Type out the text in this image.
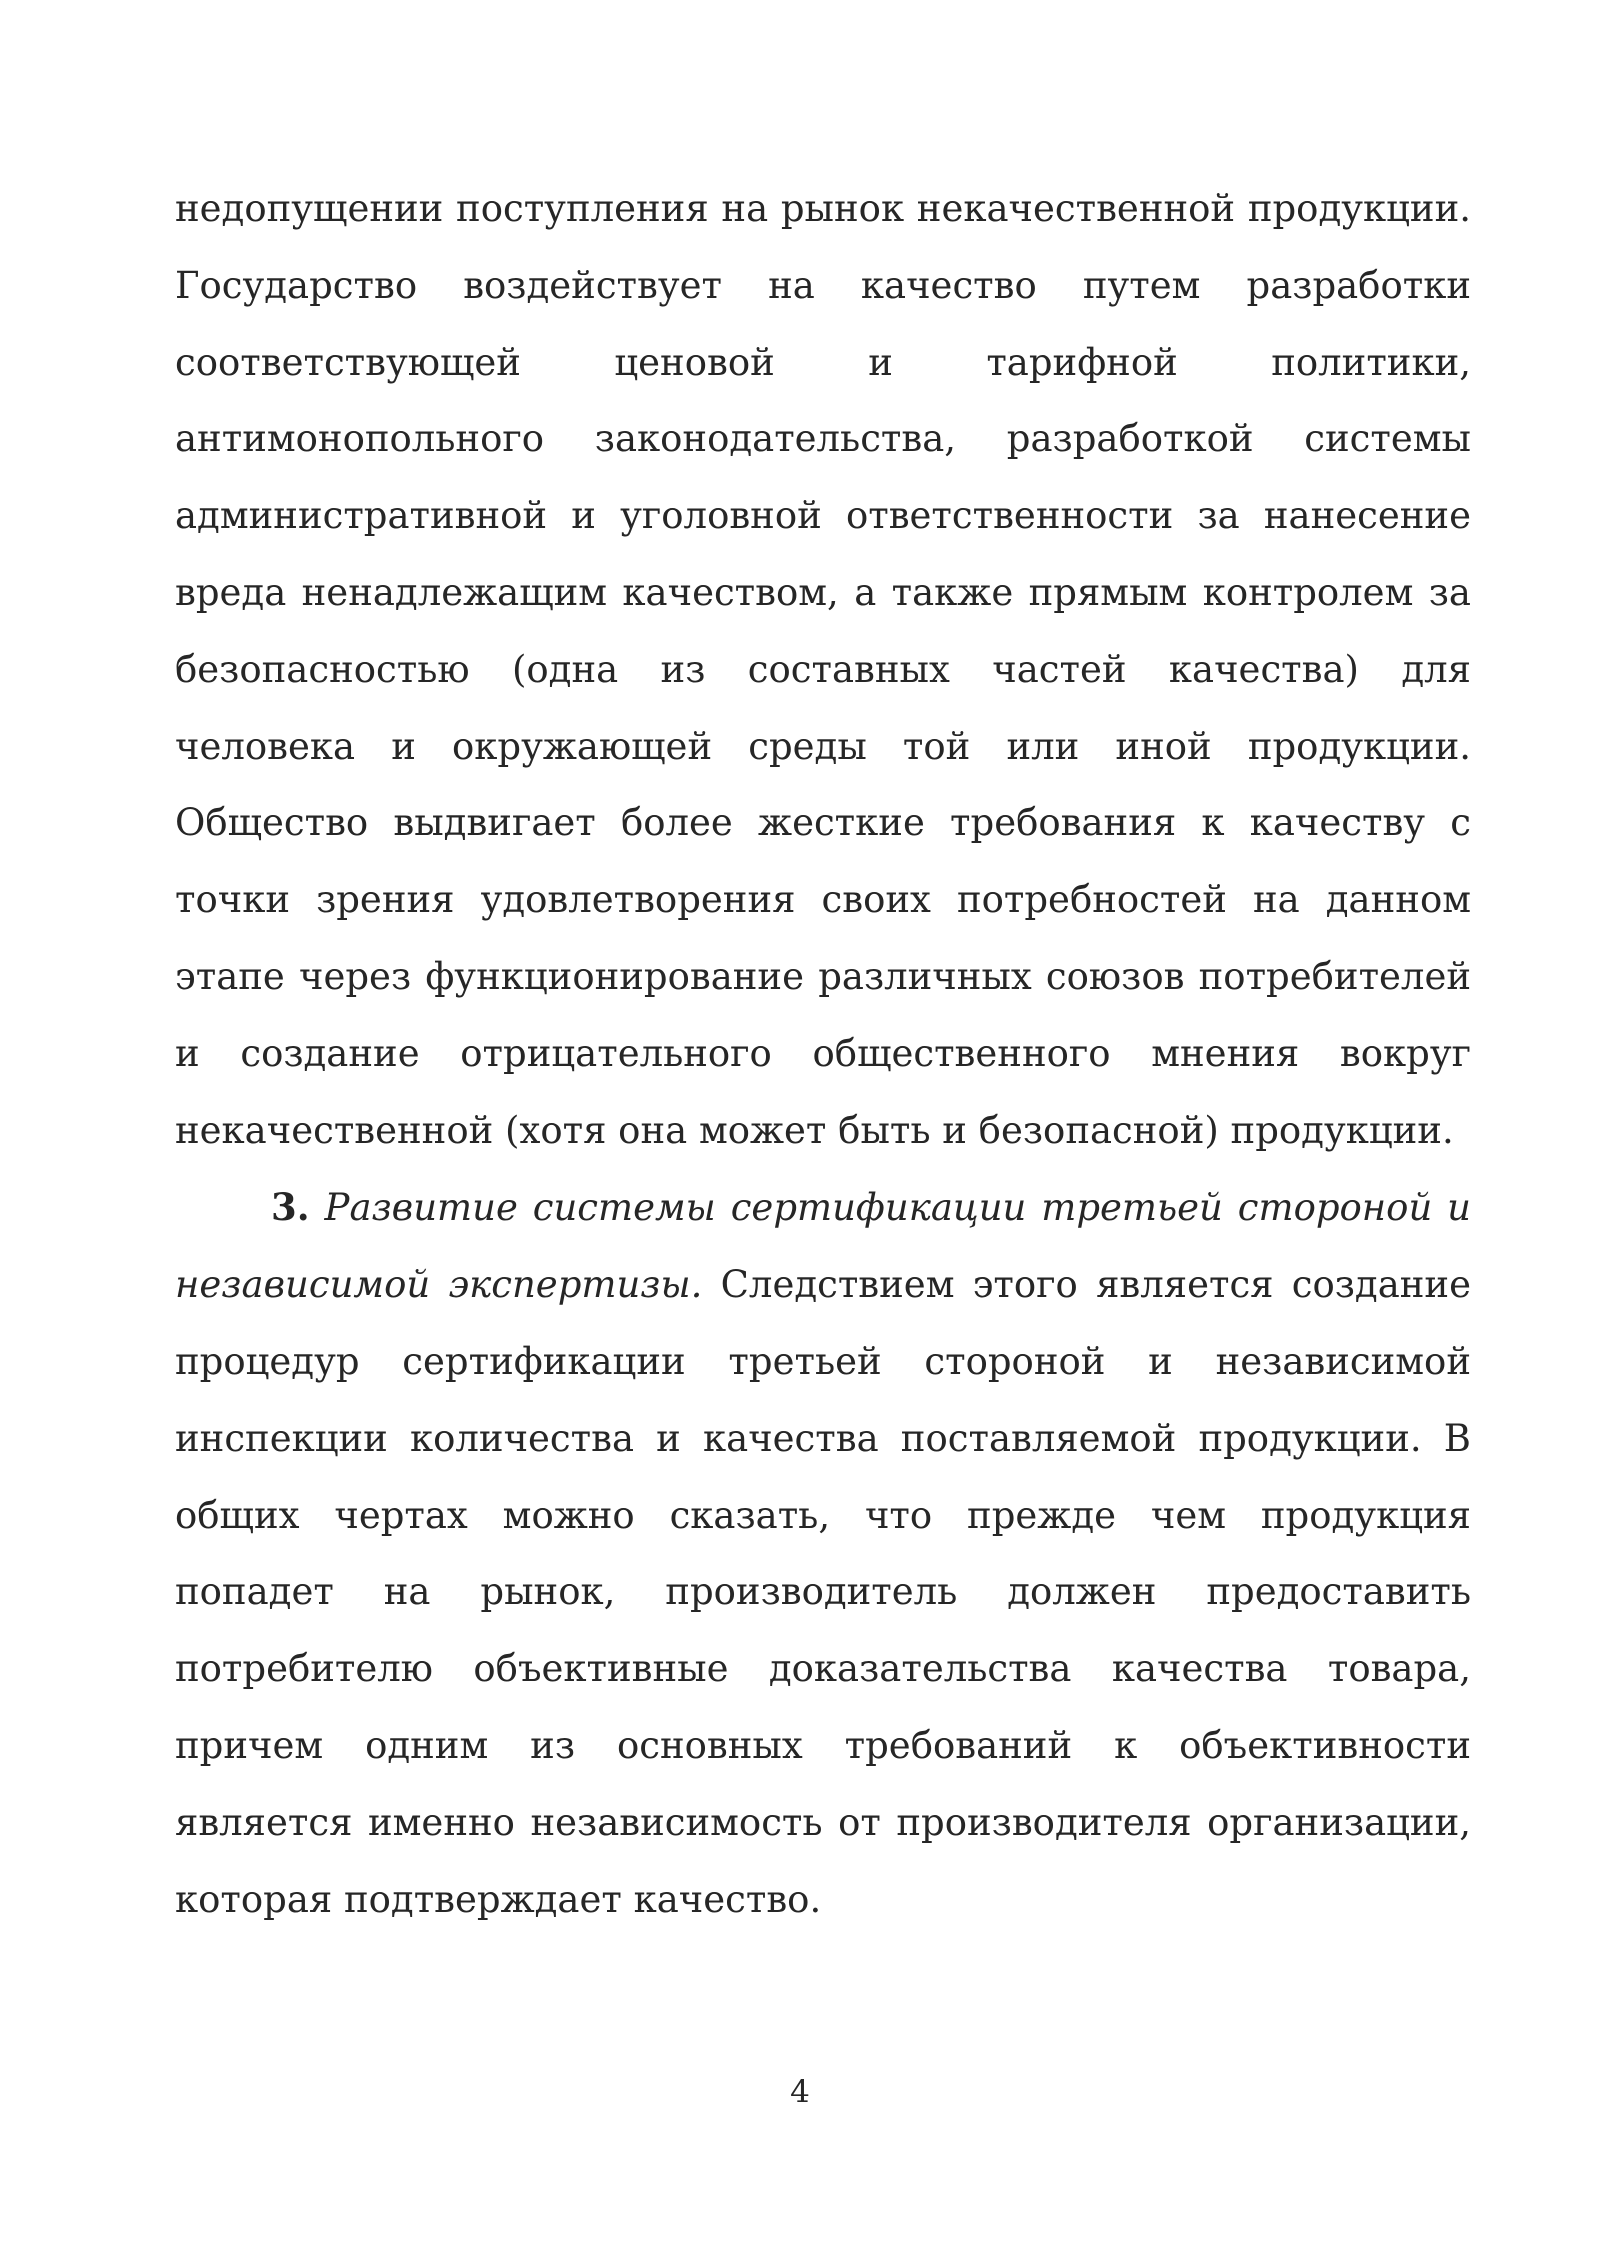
недопущении поступления на рынок некачественной продукции. Государство воздействует на качество путем разработки соответствующей ценовой и тарифной политики, антимонопольного законодательства, разработкой системы административной и уголовной ответственности за нанесение вреда ненадлежащим качеством, а также прямым контролем за безопасностью (одна из составных частей качества) для человека и окружающей среды той или иной продукции. Общество выдвигает более жесткие требования к качеству с точки зрения удовлетворения своих потребностей на данном этапе через функционирование различных союзов потребителей и создание отрицательного общественного мнения вокруг некачественной (хотя она может быть и безопасной) продукции.

3. Развитие системы сертификации третьей стороной и независимой экспертизы. Следствием этого является создание процедур сертификации третьей стороной и независимой инспекции количества и качества поставляемой продукции. В общих чертах можно сказать, что прежде чем продукция попадет на рынок, производитель должен предоставить потребителю объективные доказательства качества товара, причем одним из основных требований к объективности является именно независимость от производителя организации, которая подтверждает качество.

4
